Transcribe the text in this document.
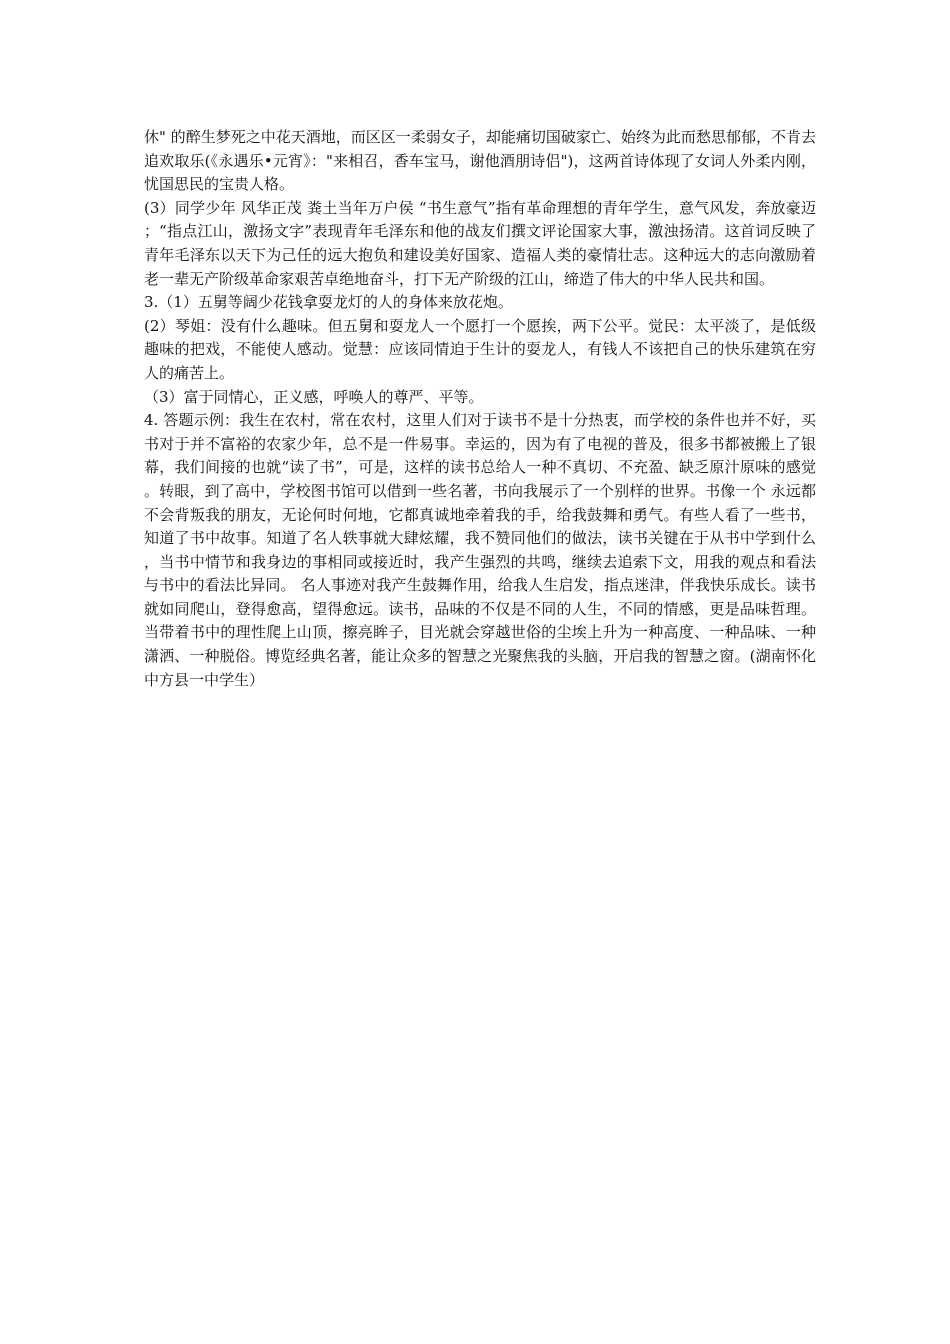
休" 的醉生梦死之中花天酒地，而区区一柔弱女子，却能痛切国破家亡、始终为此而愁思郁郁，不肯去追欢取乐(《永遇乐•元宵》："来相召，香车宝马，谢他酒朋诗侣")，这两首诗体现了女词人外柔内刚，忧国思民的宝贵人格。

(3）同学少年 风华正茂 粪土当年万户侯 “书生意气”指有革命理想的青年学生，意气风发，奔放豪迈；“指点江山，激扬文字”表现青年毛泽东和他的战友们撰文评论国家大事，激浊扬清。这首词反映了青年毛泽东以天下为己任的远大抱负和建设美好国家、造福人类的豪情壮志。这种远大的志向激励着老一辈无产阶级革命家艰苦卓绝地奋斗，打下无产阶级的江山，缔造了伟大的中华人民共和国。

3.（1）五舅等阔少花钱拿耍龙灯的人的身体来放花炮。

(2）琴姐：没有什么趣味。但五舅和耍龙人一个愿打一个愿挨，两下公平。觉民：太平淡了，是低级趣味的把戏，不能使人感动。觉慧：应该同情迫于生计的耍龙人，有钱人不该把自己的快乐建筑在穷人的痛苦上。

（3）富于同情心，正义感，呼唤人的尊严、平等。

4. 答题示例：我生在农村，常在农村，这里人们对于读书不是十分热衷，而学校的条件也并不好，买书对于并不富裕的农家少年，总不是一件易事。幸运的，因为有了电视的普及，很多书都被搬上了银幕，我们间接的也就“读了书”，可是，这样的读书总给人一种不真切、不充盈、缺乏原汁原味的感觉。转眼，到了高中，学校图书馆可以借到一些名著，书向我展示了一个别样的世界。书像一个 永远都不会背叛我的朋友，无论何时何地，它都真诚地牵着我的手，给我鼓舞和勇气。有些人看了一些书，知道了书中故事。知道了名人轶事就大肆炫耀，我不赞同他们的做法，读书关键在于从书中学到什么，当书中情节和我身边的事相同或接近时，我产生强烈的共鸣，继续去追索下文，用我的观点和看法与书中的看法比异同。 名人事迹对我产生鼓舞作用，给我人生启发，指点迷津，伴我快乐成长。读书就如同爬山，登得愈高，望得愈远。读书，品味的不仅是不同的人生，不同的情感，更是品味哲理。当带着书中的理性爬上山顶，擦亮眸子，目光就会穿越世俗的尘埃上升为一种高度、一种品味、一种潇洒、一种脱俗。博览经典名著，能让众多的智慧之光聚焦我的头脑，开启我的智慧之窗。(湖南怀化中方县一中学生）
